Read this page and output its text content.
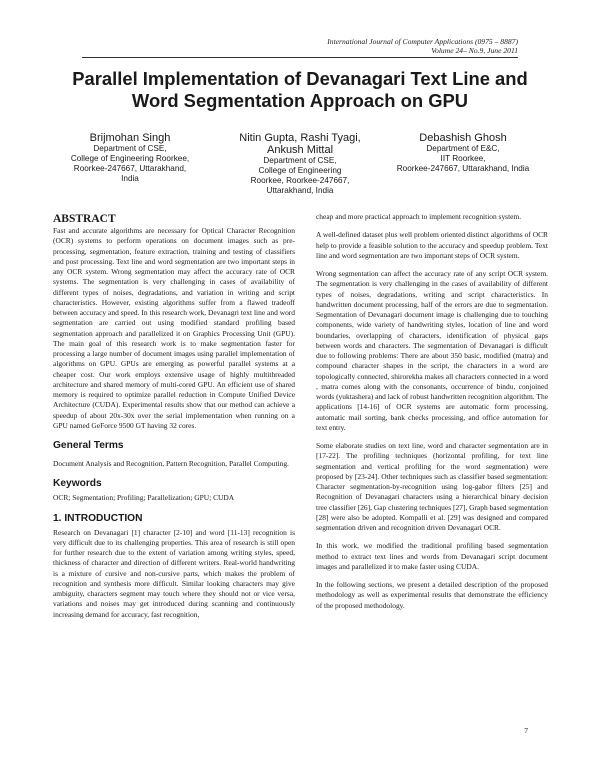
International Journal of Computer Applications (0975 – 8887)
Volume 24– No.9, June 2011
Parallel Implementation of Devanagari Text Line and
Word Segmentation Approach on GPU
Brijmohan Singh
Department of CSE,
College of Engineering Roorkee,
Roorkee-247667, Uttarakhand,
India
Nitin Gupta, Rashi Tyagi, Ankush Mittal
Department of CSE,
College of Engineering
Roorkee, Roorkee-247667,
Uttarakhand, India
Debashish Ghosh
Department of E&C,
IIT Roorkee,
Roorkee-247667, Uttarakhand, India
ABSTRACT

Fast and accurate algorithms are necessary for Optical Character Recognition (OCR) systems to perform operations on document images such as pre-processing, segmentation, feature extraction, training and testing of classifiers and post processing. Text line and word segmentation are two important steps in any OCR system. Wrong segmentation may affect the accuracy rate of OCR systems. The segmentation is very challenging in cases of availability of different types of noises, degradations, and variation in writing and script characteristics. However, existing algorithms suffer from a flawed tradeoff between accuracy and speed. In this research work, Devanagri text line and word segmentation are carried out using modified standard profiling based segmentation approach and parallelized it on Graphics Processing Unit (GPU). The main goal of this research work is to make segmentation faster for processing a large number of document images using parallel implementation of algorithms on GPU. GPUs are emerging as powerful parallel systems at a cheaper cost. Our work employs extensive usage of highly multithreaded architecture and shared memory of multi-cored GPU. An efficient use of shared memory is required to optimize parallel reduction in Compute Unified Device Architecture (CUDA). Experimental results show that our method can achieve a speedup of about 20x-30x over the serial implementation when running on a GPU named GeForce 9500 GT having 32 cores.

General Terms

Document Analysis and Recognition, Pattern Recognition, Parallel Computing.

Keywords

OCR; Segmentation; Profiling; Parallelization; GPU; CUDA

1. INTRODUCTION

Research on Devanagari [1] character [2-10] and word [11-13] recognition is very difficult due to its challenging properties. This area of research is still open for further research due to the extent of variation among writing styles, speed, thickness of character and direction of different writers. Real-world handwriting is a mixture of cursive and non-cursive parts, which makes the problem of recognition and synthesis more difficult. Similar looking characters may give ambiguity, characters segment may touch where they should not or vice versa, variations and noises may get introduced during scanning and continuously increasing demand for accuracy, fast recognition,

cheap and more practical approach to implement recognition system.

A well-defined dataset plus well problem oriented distinct algorithms of OCR help to provide a feasible solution to the accuracy and speedup problem. Text line and word segmentation are two important steps of OCR system.

Wrong segmentation can affect the accuracy rate of any script OCR system. The segmentation is very challenging in the cases of availability of different types of noises, degradations, writing and script characteristics. In handwritten document processing, half of the errors are due to segmentation. Segmentation of Devanagari document image is challenging due to touching components, wide variety of handwriting styles, location of line and word boundaries, overlapping of characters, identification of physical gaps between words and characters. The segmentation of Devanagari is difficult due to following problems: There are about 350 basic, modified (matra) and compound character shapes in the script, the characters in a word are topologically connected, shirorekha makes all characters connected in a word , matra comes along with the consonants, occurrence of bindu, conjoined words (yuktashera) and lack of robust handwritten recognition algorithm. The applications [14-16] of OCR systems are automatic form processing, automatic mail sorting, bank checks processing, and office automation for text entry.

Some elaborate studies on text line, word and character segmentation are in [17-22]. The profiling techniques (horizontal profiling, for text line segmentation and vertical profiling for the word segmentation) were proposed by [23-24]. Other techniques such as classifier based segmentation: Character segmentation-by-recognition using log-gabor filters [25] and Recognition of Devanagari characters using a hierarchical binary decision tree classifier [26], Gap clustering techniques [27], Graph based segmentation [28] were also be adopted. Kompalli et al. [29] was designed and compared segmentation driven and recognition driven Devanagari OCR.

In this work, we modified the traditional profiling based segmentation method to extract text lines and words from Devanagari script document images and parallelized it to make faster using CUDA.

In the following sections, we present a detailed description of the proposed methodology as well as experimental results that demonstrate the efficiency of the proposed methodology.

7
